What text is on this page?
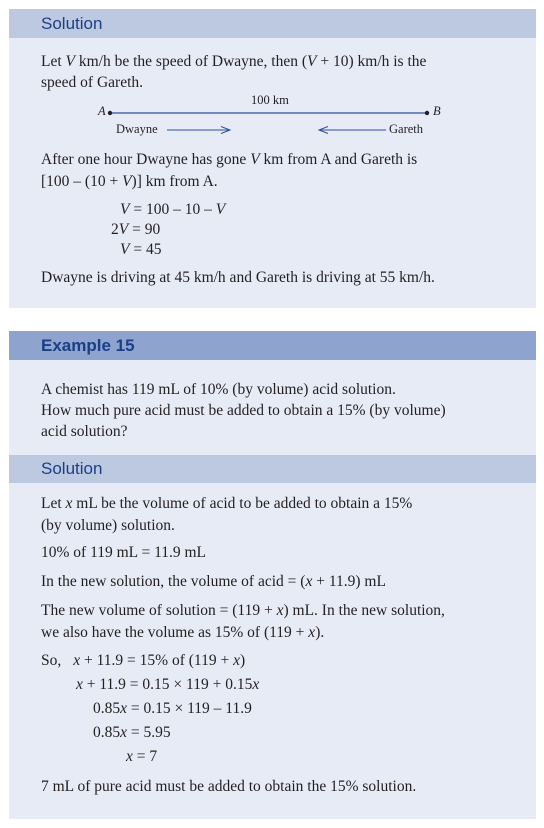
Solution
Let V km/h be the speed of Dwayne, then (V + 10) km/h is the
speed of Gareth.
100 km
A	B
Dwayne	Gareth
After one hour Dwayne has gone V km from A and Gareth is
[100 – (10 + V)] km from A.
V = 100 – 10 – V
2V = 90
V = 45
Dwayne is driving at 45 km/h and Gareth is driving at 55 km/h.
Example 15
A chemist has 119 mL of 10% (by volume) acid solution.
How much pure acid must be added to obtain a 15% (by volume)
acid solution?
Solution
Let x mL be the volume of acid to be added to obtain a 15%
(by volume) solution.
10% of 119 mL = 11.9 mL
In the new solution, the volume of acid = (x + 11.9) mL
The new volume of solution = (119 + x) mL. In the new solution,
we also have the volume as 15% of (119 + x).
So, x + 11.9 = 15% of (119 + x)
x + 11.9 = 0.15 × 119 + 0.15x
0.85x = 0.15 × 119 – 11.9
0.85x = 5.95
x = 7
7 mL of pure acid must be added to obtain the 15% solution.
